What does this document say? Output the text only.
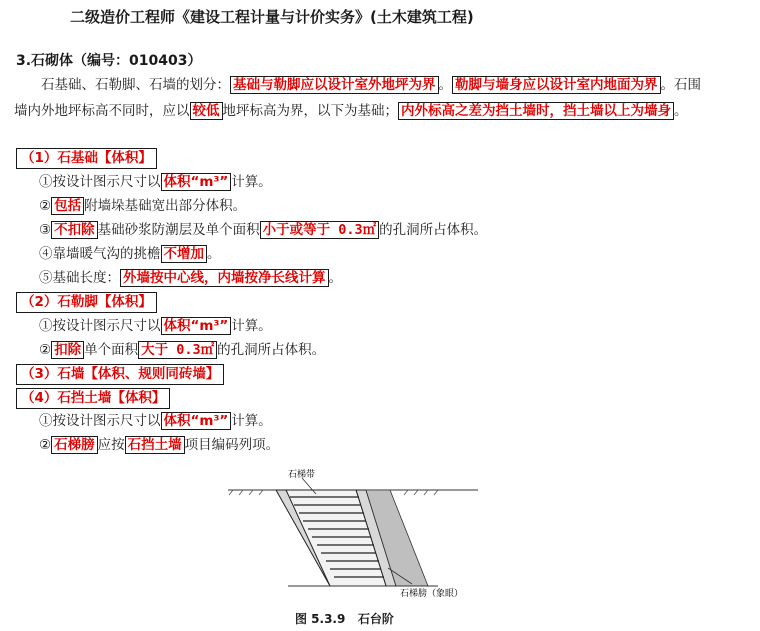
二级造价工程师《建设工程计量与计价实务》(土木建筑工程)
3.石砌体（编号：010403）
石基础、石勒脚、石墙的划分： 基础与勒脚应以设计室外地坪为界 。 勒脚与墙身应以设计室内地面为界 。石围墙内外地坪标高不同时，应以 较低 地坪标高为界，以下为基础； 内外标高之差为挡土墙时，挡土墙以上为墙身 。
（1）石基础【体积】
①按设计图示尺寸以 体积“m³” 计算。
② 包括 附墙垛基础宽出部分体积。
③ 不扣除 基础砂浆防潮层及单个面积 小于或等于 0.3㎡ 的孔洞所占体积。
④靠墙暖气沟的挑檐 不增加 。
⑤基础长度： 外墙按中心线，内墙按净长线计算 。
（2）石勒脚【体积】
①按设计图示尺寸以 体积“m³” 计算。
② 扣除 单个面积 大于 0.3㎡ 的孔洞所占体积。
（3）石墙【体积、规则同砖墙】
（4）石挡土墙【体积】
①按设计图示尺寸以 体积“m³” 计算。
② 石梯膀 应按 石挡土墙 项目编码列项。
石梯带
石梯膀（象眼）
图 5.3.9   石台阶
